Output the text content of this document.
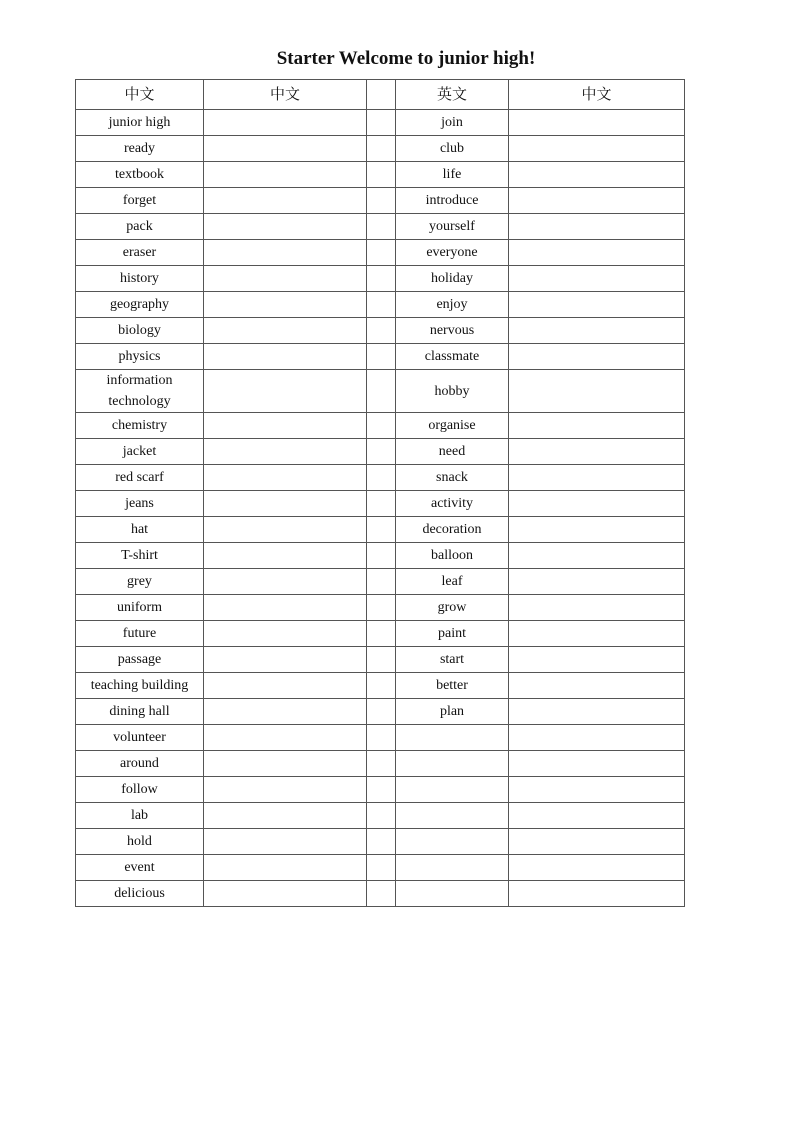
Starter Welcome to junior high!
中文	中文		英文	中文
junior high			join	
ready			club	
textbook			life	
forget			introduce	
pack			yourself	
eraser			everyone	
history			holiday	
geography			enjoy	
biology			nervous	
physics			classmate	
information technology			hobby	
chemistry			organise	
jacket			need	
red scarf			snack	
jeans			activity	
hat			decoration	
T-shirt			balloon	
grey			leaf	
uniform			grow	
future			paint	
passage			start	
teaching building			better	
dining hall			plan	
volunteer				
around				
follow				
lab				
hold				
event				
delicious				
